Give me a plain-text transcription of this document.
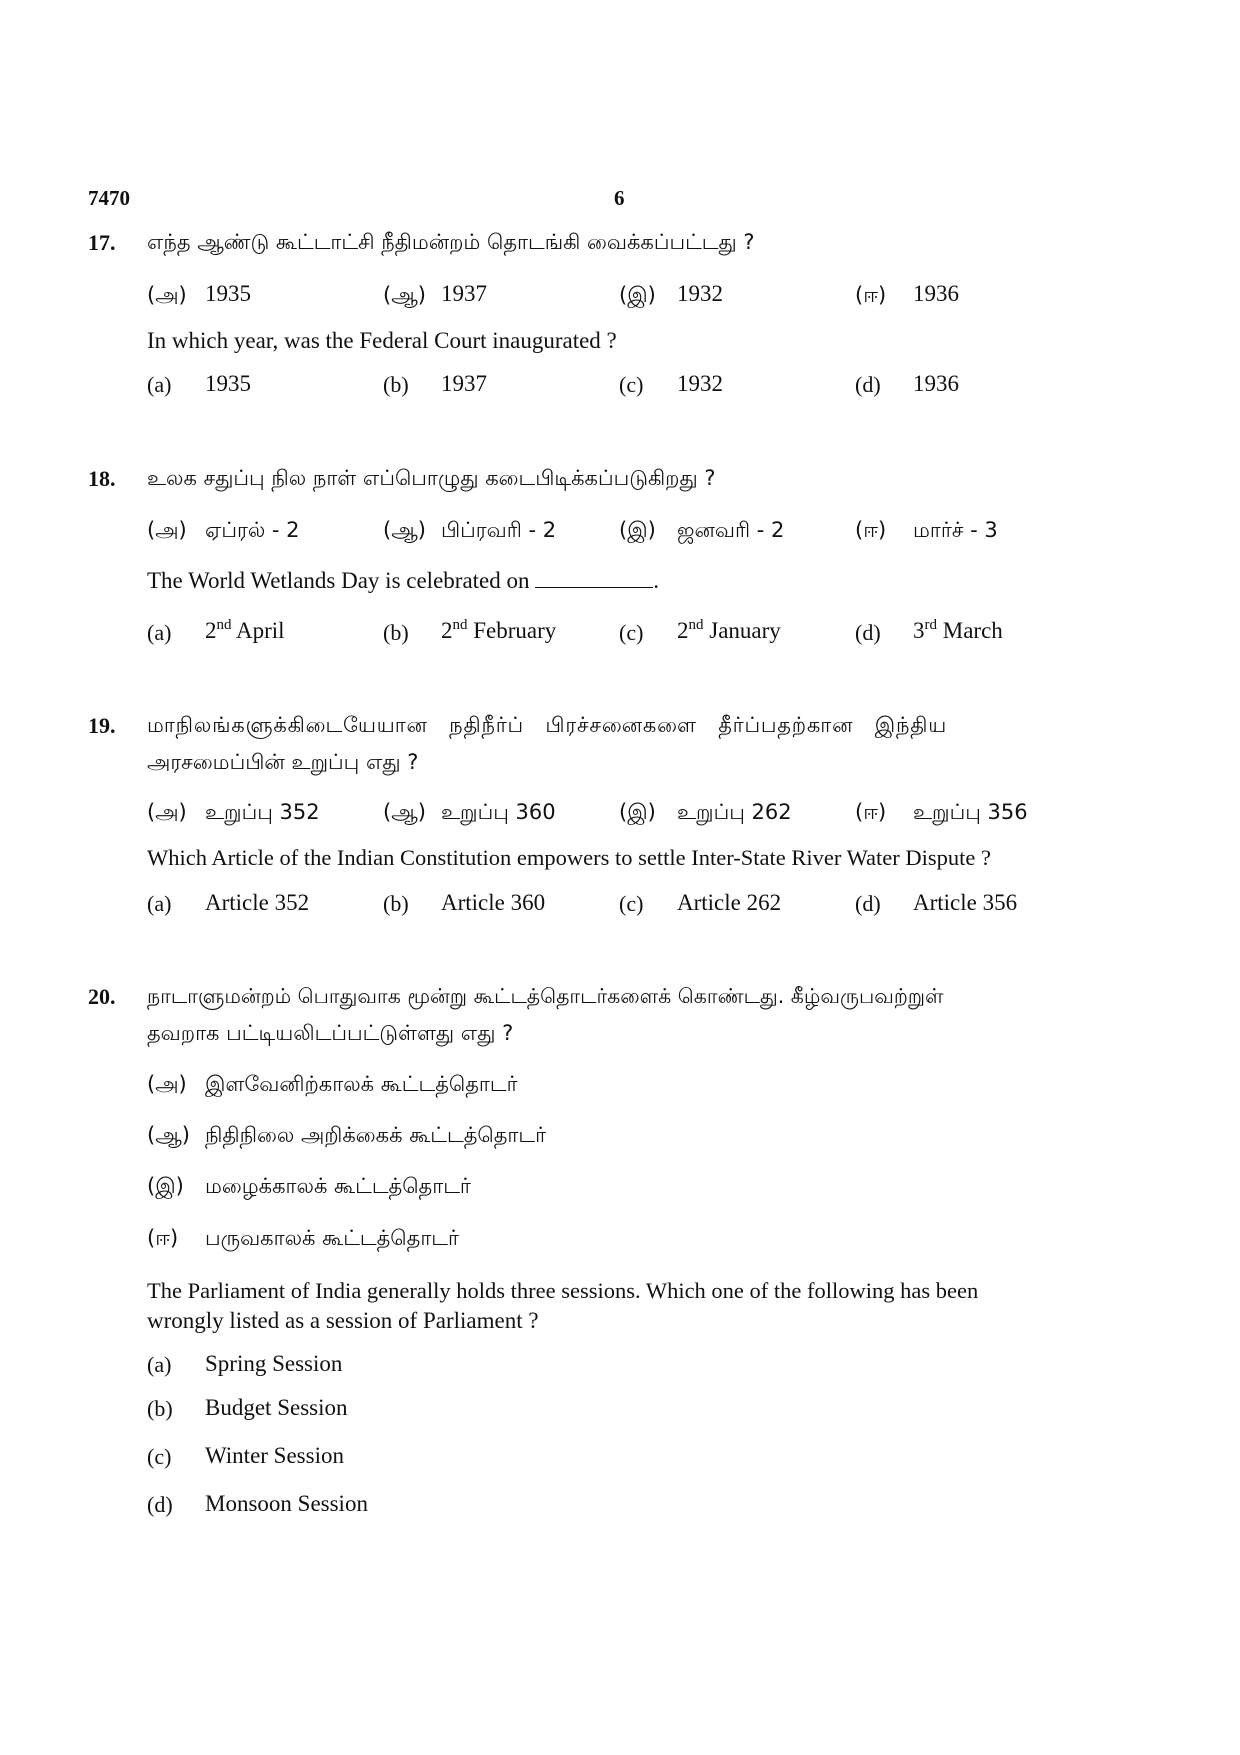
7470	6
17. எந்த ஆண்டு கூட்டாட்சி நீதிமன்றம் தொடங்கி வைக்கப்பட்டது ?
(அ) 1935	(ஆ) 1937	(இ) 1932	(ஈ) 1936
In which year, was the Federal Court inaugurated ?
(a) 1935	(b) 1937	(c) 1932	(d) 1936
18. உலக சதுப்பு நில நாள் எப்பொழுது கடைபிடிக்கப்படுகிறது ?
(அ) ஏப்ரல் - 2	(ஆ) பிப்ரவரி - 2	(இ) ஜனவரி - 2	(ஈ) மார்ச் - 3
The World Wetlands Day is celebrated on	.
(a) 2nd April	(b) 2nd February	(c) 2nd January	(d) 3rd March
19. மாநிலங்களுக்கிடையேயான நதிநீர்ப் பிரச்சனைகளை தீர்ப்பதற்கான இந்திய
அரசமைப்பின் உறுப்பு எது ?
(அ) உறுப்பு 352	(ஆ) உறுப்பு 360	(இ) உறுப்பு 262	(ஈ) உறுப்பு 356
Which Article of the Indian Constitution empowers to settle Inter-State River Water Dispute ?
(a) Article 352	(b) Article 360	(c) Article 262	(d) Article 356
20. நாடாளுமன்றம் பொதுவாக மூன்று கூட்டத்தொடர்களைக் கொண்டது. கீழ்வருபவற்றுள்
தவறாக பட்டியலிடப்பட்டுள்ளது எது ?
(அ) இளவேனிற்காலக் கூட்டத்தொடர்
(ஆ) நிதிநிலை அறிக்கைக் கூட்டத்தொடர்
(இ) மழைக்காலக் கூட்டத்தொடர்
(ஈ) பருவகாலக் கூட்டத்தொடர்
The Parliament of India generally holds three sessions. Which one of the following has been
wrongly listed as a session of Parliament ?
(a) Spring Session
(b) Budget Session
(c) Winter Session
(d) Monsoon Session
